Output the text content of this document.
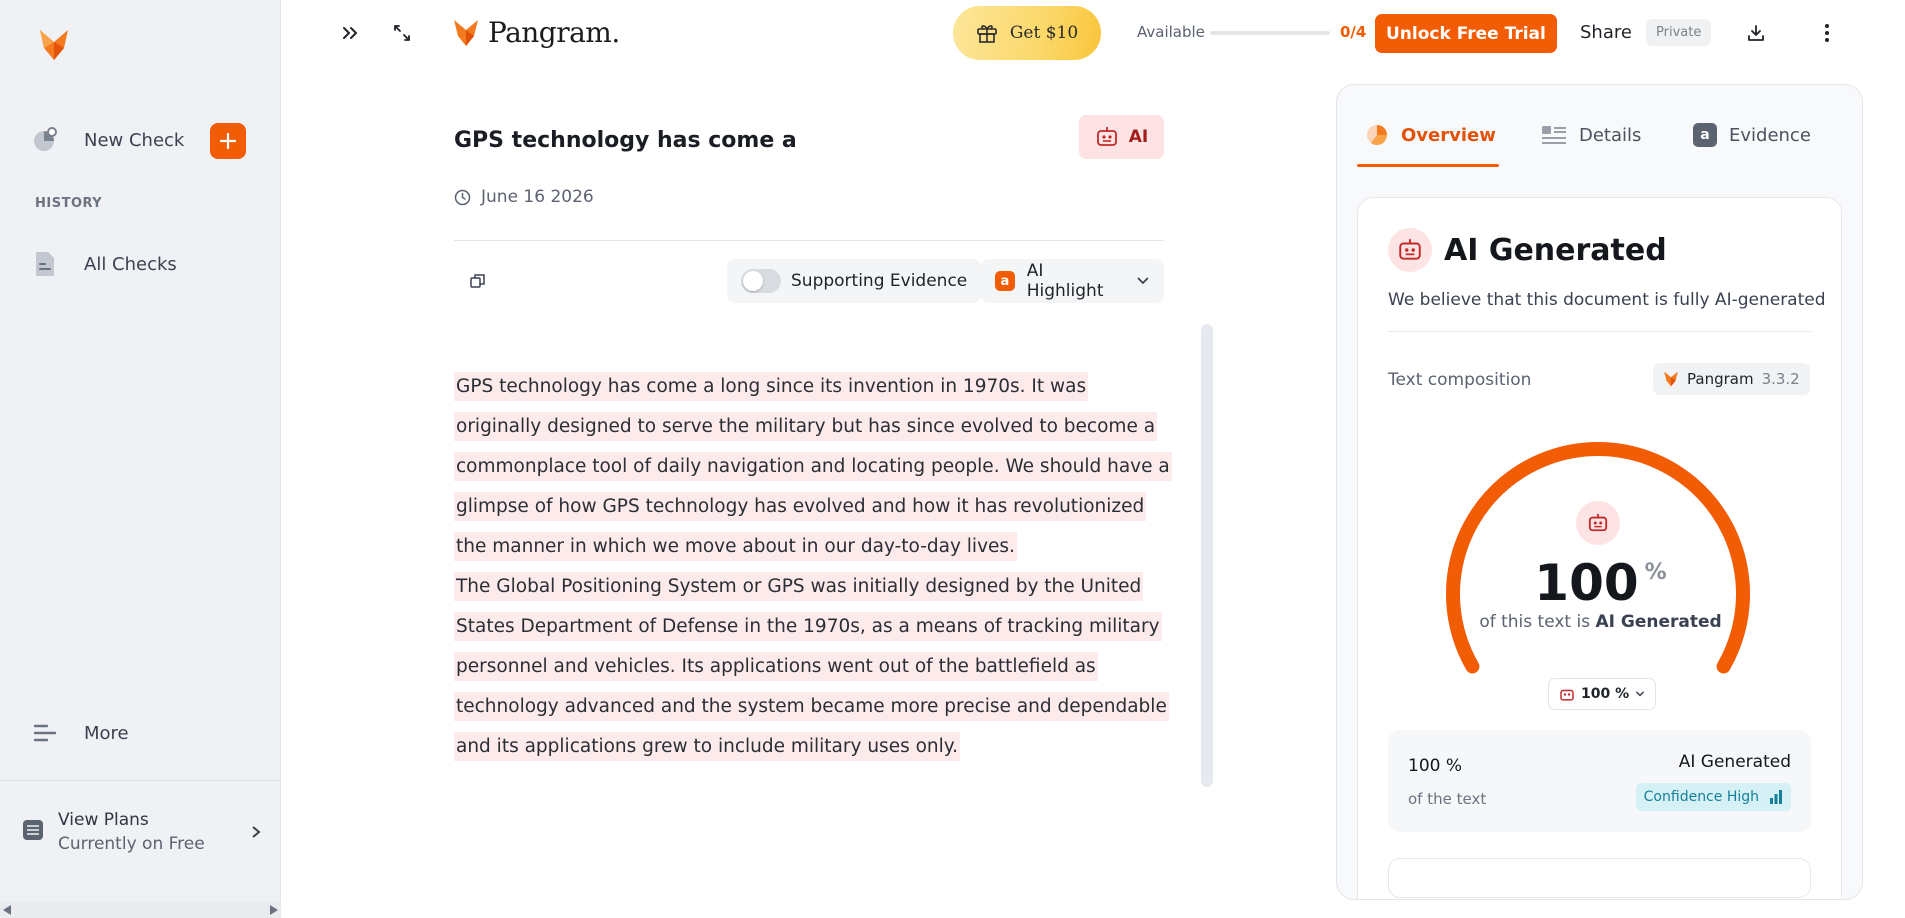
New Check
HISTORY
All Checks
More
View Plans
Currently on Free
Pangram.	Get $10	Available	0/4	Unlock Free Trial	Share	Private
GPS technology has come a	AI
June 16 2026
Supporting Evidence	a	AI Highlight
GPS technology has come a long since its invention in 1970s. It was originally designed to serve the military but has since evolved to become a commonplace tool of daily navigation and locating people. We should have a glimpse of how GPS technology has evolved and how it has revolutionized the manner in which we move about in our day-to-day lives.
The Global Positioning System or GPS was initially designed by the United States Department of Defense in the 1970s, as a means of tracking military personnel and vehicles. Its applications went out of the battlefield as technology advanced and the system became more precise and dependable and its applications grew to include military uses only.
Overview	Details	a	Evidence
AI Generated
We believe that this document is fully AI-generated
Text composition	Pangram 3.3.2
100 %
of this text is AI Generated
100 %
100 %
of the text
AI Generated
Confidence High
